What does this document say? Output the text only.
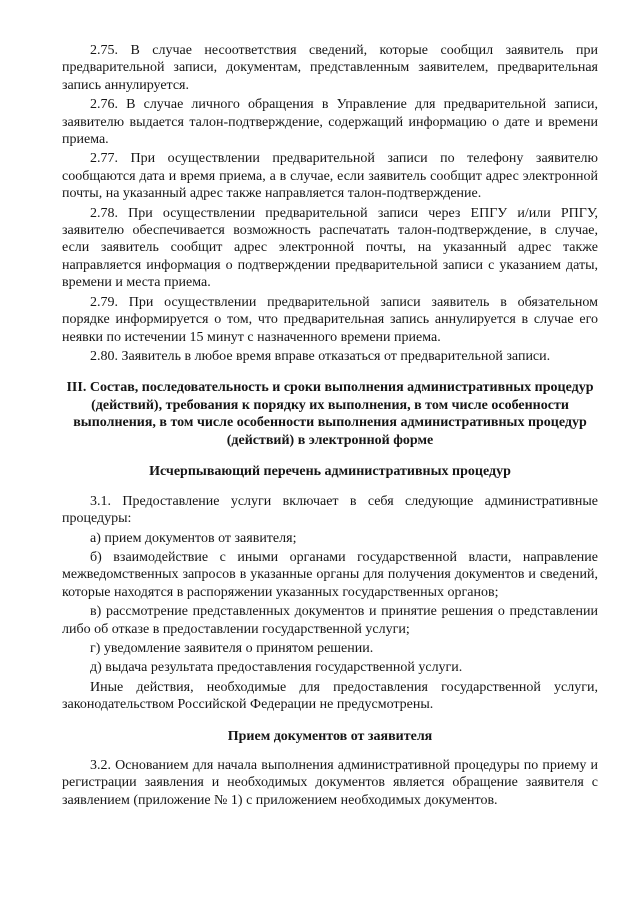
2.75. В случае несоответствия сведений, которые сообщил заявитель при предварительной записи, документам, представленным заявителем, предварительная запись аннулируется.

2.76. В случае личного обращения в Управление для предварительной записи, заявителю выдается талон-подтверждение, содержащий информацию о дате и времени приема.

2.77. При осуществлении предварительной записи по телефону заявителю сообщаются дата и время приема, а в случае, если заявитель сообщит адрес электронной почты, на указанный адрес также направляется талон-подтверждение.

2.78. При осуществлении предварительной записи через ЕПГУ и/или РПГУ, заявителю обеспечивается возможность распечатать талон-подтверждение, в случае, если заявитель сообщит адрес электронной почты, на указанный адрес также направляется информация о подтверждении предварительной записи с указанием даты, времени и места приема.

2.79. При осуществлении предварительной записи заявитель в обязательном порядке информируется о том, что предварительная запись аннулируется в случае его неявки по истечении 15 минут с назначенного времени приема.

2.80. Заявитель в любое время вправе отказаться от предварительной записи.

III. Состав, последовательность и сроки выполнения административных процедур (действий), требования к порядку их выполнения, в том числе особенности выполнения, в том числе особенности выполнения административных процедур (действий) в электронной форме
Исчерпывающий перечень административных процедур

3.1. Предоставление услуги включает в себя следующие административные процедуры:

а) прием документов от заявителя;

б) взаимодействие с иными органами государственной власти, направление межведомственных запросов в указанные органы для получения документов и сведений, которые находятся в распоряжении указанных государственных органов;

в) рассмотрение представленных документов и принятие решения о представлении либо об отказе в предоставлении государственной услуги;

г) уведомление заявителя о принятом решении.

д) выдача результата предоставления государственной услуги.

Иные действия, необходимые для предоставления государственной услуги, законодательством Российской Федерации не предусмотрены.

Прием документов от заявителя

3.2. Основанием для начала выполнения административной процедуры по приему и регистрации заявления и необходимых документов является обращение заявителя с заявлением (приложение № 1) с приложением необходимых документов.
